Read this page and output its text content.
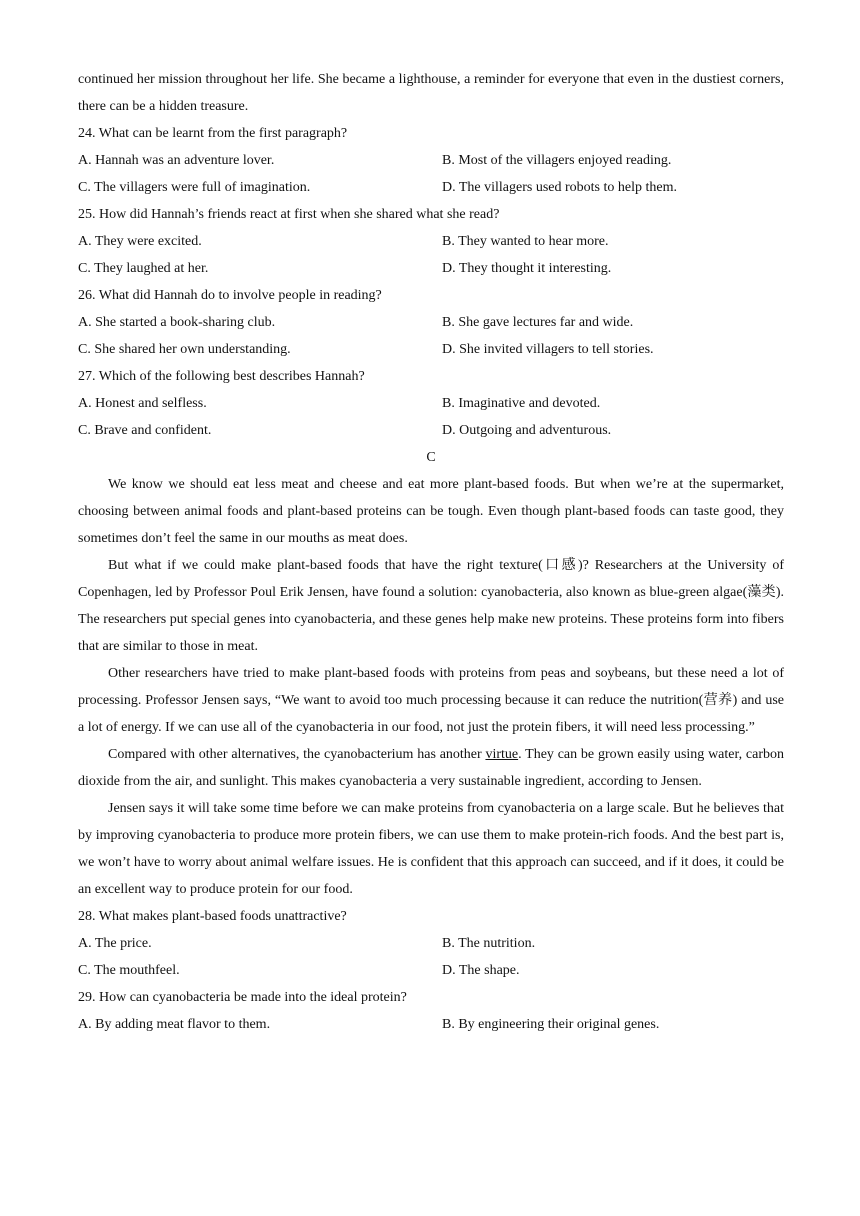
continued her mission throughout her life. She became a lighthouse, a reminder for everyone that even in the dustiest corners, there can be a hidden treasure.

24. What can be learnt from the first paragraph?
A. Hannah was an adventure lover.	B. Most of the villagers enjoyed reading.
C. The villagers were full of imagination.	D. The villagers used robots to help them.
25. How did Hannah’s friends react at first when she shared what she read?
A. They were excited.	B. They wanted to hear more.
C. They laughed at her.	D. They thought it interesting.
26. What did Hannah do to involve people in reading?
A. She started a book-sharing club.	B. She gave lectures far and wide.
C. She shared her own understanding.	D. She invited villagers to tell stories.
27. Which of the following best describes Hannah?
A. Honest and selfless.	B. Imaginative and devoted.
C. Brave and confident.	D. Outgoing and adventurous.
C

We know we should eat less meat and cheese and eat more plant-based foods. But when we’re at the supermarket, choosing between animal foods and plant-based proteins can be tough. Even though plant-based foods can taste good, they sometimes don’t feel the same in our mouths as meat does.

But what if we could make plant-based foods that have the right texture(口感)? Researchers at the University of Copenhagen, led by Professor Poul Erik Jensen, have found a solution: cyanobacteria, also known as blue-green algae(藻类). The researchers put special genes into cyanobacteria, and these genes help make new proteins. These proteins form into fibers that are similar to those in meat.

Other researchers have tried to make plant-based foods with proteins from peas and soybeans, but these need a lot of processing. Professor Jensen says, “We want to avoid too much processing because it can reduce the nutrition(营养) and use a lot of energy. If we can use all of the cyanobacteria in our food, not just the protein fibers, it will need less processing.”

Compared with other alternatives, the cyanobacterium has another virtue. They can be grown easily using water, carbon dioxide from the air, and sunlight. This makes cyanobacteria a very sustainable ingredient, according to Jensen.

Jensen says it will take some time before we can make proteins from cyanobacteria on a large scale. But he believes that by improving cyanobacteria to produce more protein fibers, we can use them to make protein-rich foods. And the best part is, we won’t have to worry about animal welfare issues. He is confident that this approach can succeed, and if it does, it could be an excellent way to produce protein for our food.

28. What makes plant-based foods unattractive?
A. The price.	B. The nutrition.
C. The mouthfeel.	D. The shape.
29. How can cyanobacteria be made into the ideal protein?
A. By adding meat flavor to them.	B. By engineering their original genes.
